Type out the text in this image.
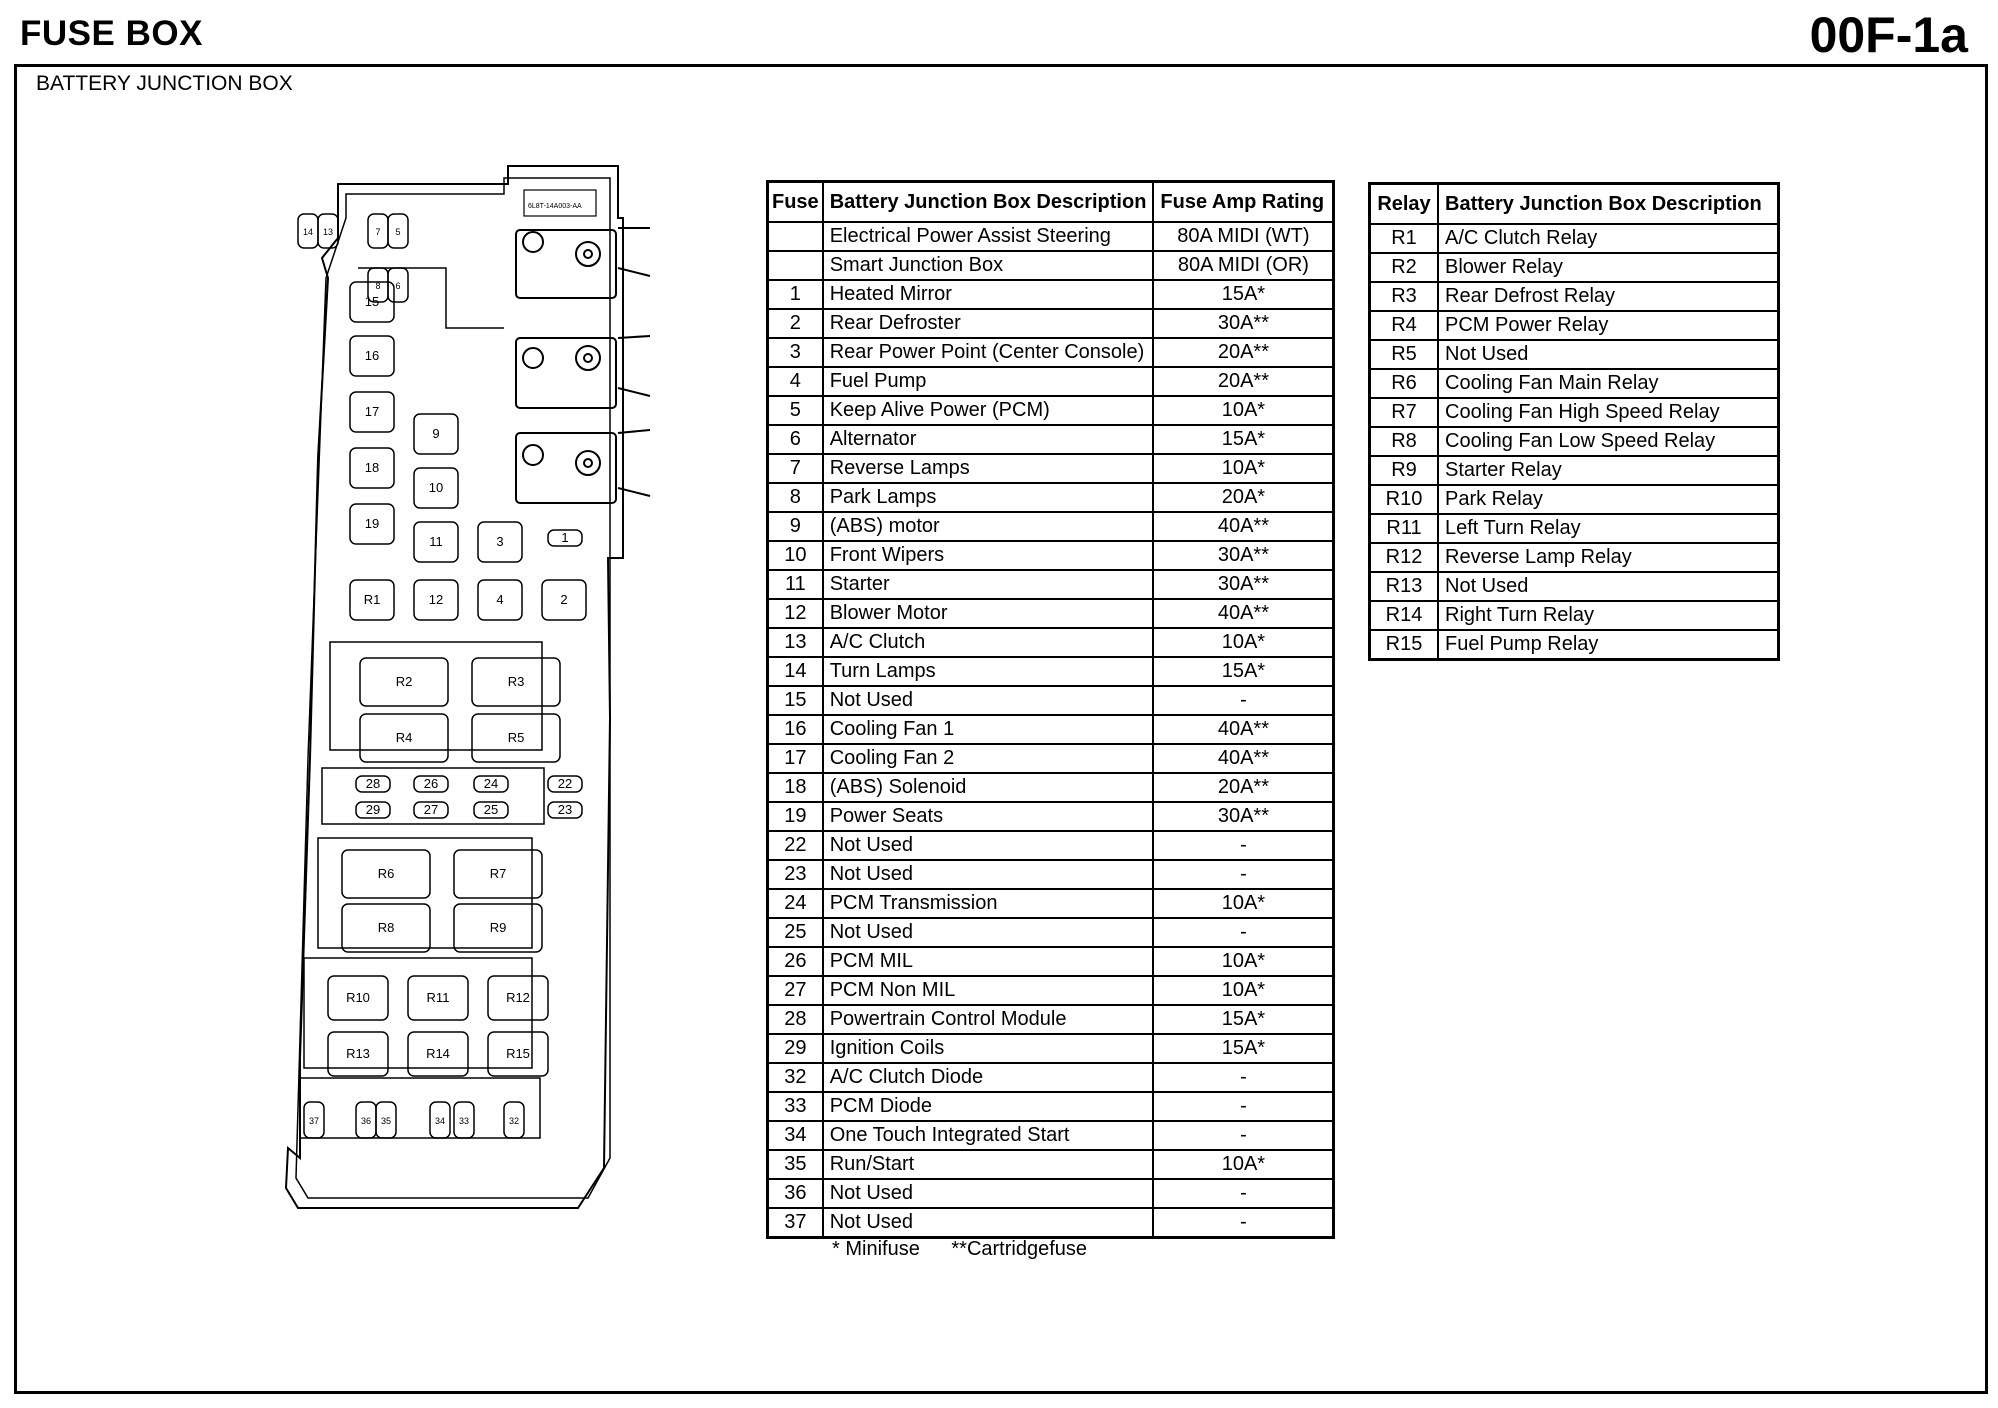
FUSE BOX	00F-1a
BATTERY JUNCTION BOX
6L8T-14A003-AA
14 13	7 5
8 6
15
16
17
18
19
9
10
11	3	1
R1	12	4	2
R2	R3
R4	R5
28	26	24	22
29	27	25	23
R6	R7
R8	R9
R10	R11	R12
R13	R14	R15
37	36 35	34 33	32
Fuse	Battery Junction Box Description	Fuse Amp Rating
	Electrical Power Assist Steering	80A MIDI (WT)
	Smart Junction Box	80A MIDI (OR)
1	Heated Mirror	15A*
2	Rear Defroster	30A**
3	Rear Power Point (Center Console)	20A**
4	Fuel Pump	20A**
5	Keep Alive Power (PCM)	10A*
6	Alternator	15A*
7	Reverse Lamps	10A*
8	Park Lamps	20A*
9	(ABS) motor	40A**
10	Front Wipers	30A**
11	Starter	30A**
12	Blower Motor	40A**
13	A/C Clutch	10A*
14	Turn Lamps	15A*
15	Not Used	-
16	Cooling Fan 1	40A**
17	Cooling Fan 2	40A**
18	(ABS) Solenoid	20A**
19	Power Seats	30A**
22	Not Used	-
23	Not Used	-
24	PCM Transmission	10A*
25	Not Used	-
26	PCM MIL	10A*
27	PCM Non MIL	10A*
28	Powertrain Control Module	15A*
29	Ignition Coils	15A*
32	A/C Clutch Diode	-
33	PCM Diode	-
34	One Touch Integrated Start	-
35	Run/Start	10A*
36	Not Used	-
37	Not Used	-
Relay	Battery Junction Box Description
R1	A/C Clutch Relay
R2	Blower Relay
R3	Rear Defrost Relay
R4	PCM Power Relay
R5	Not Used
R6	Cooling Fan Main Relay
R7	Cooling Fan High Speed Relay
R8	Cooling Fan Low Speed Relay
R9	Starter Relay
R10	Park Relay
R11	Left Turn Relay
R12	Reverse Lamp Relay
R13	Not Used
R14	Right Turn Relay
R15	Fuel Pump Relay
* Minifuse **Cartridgefuse
